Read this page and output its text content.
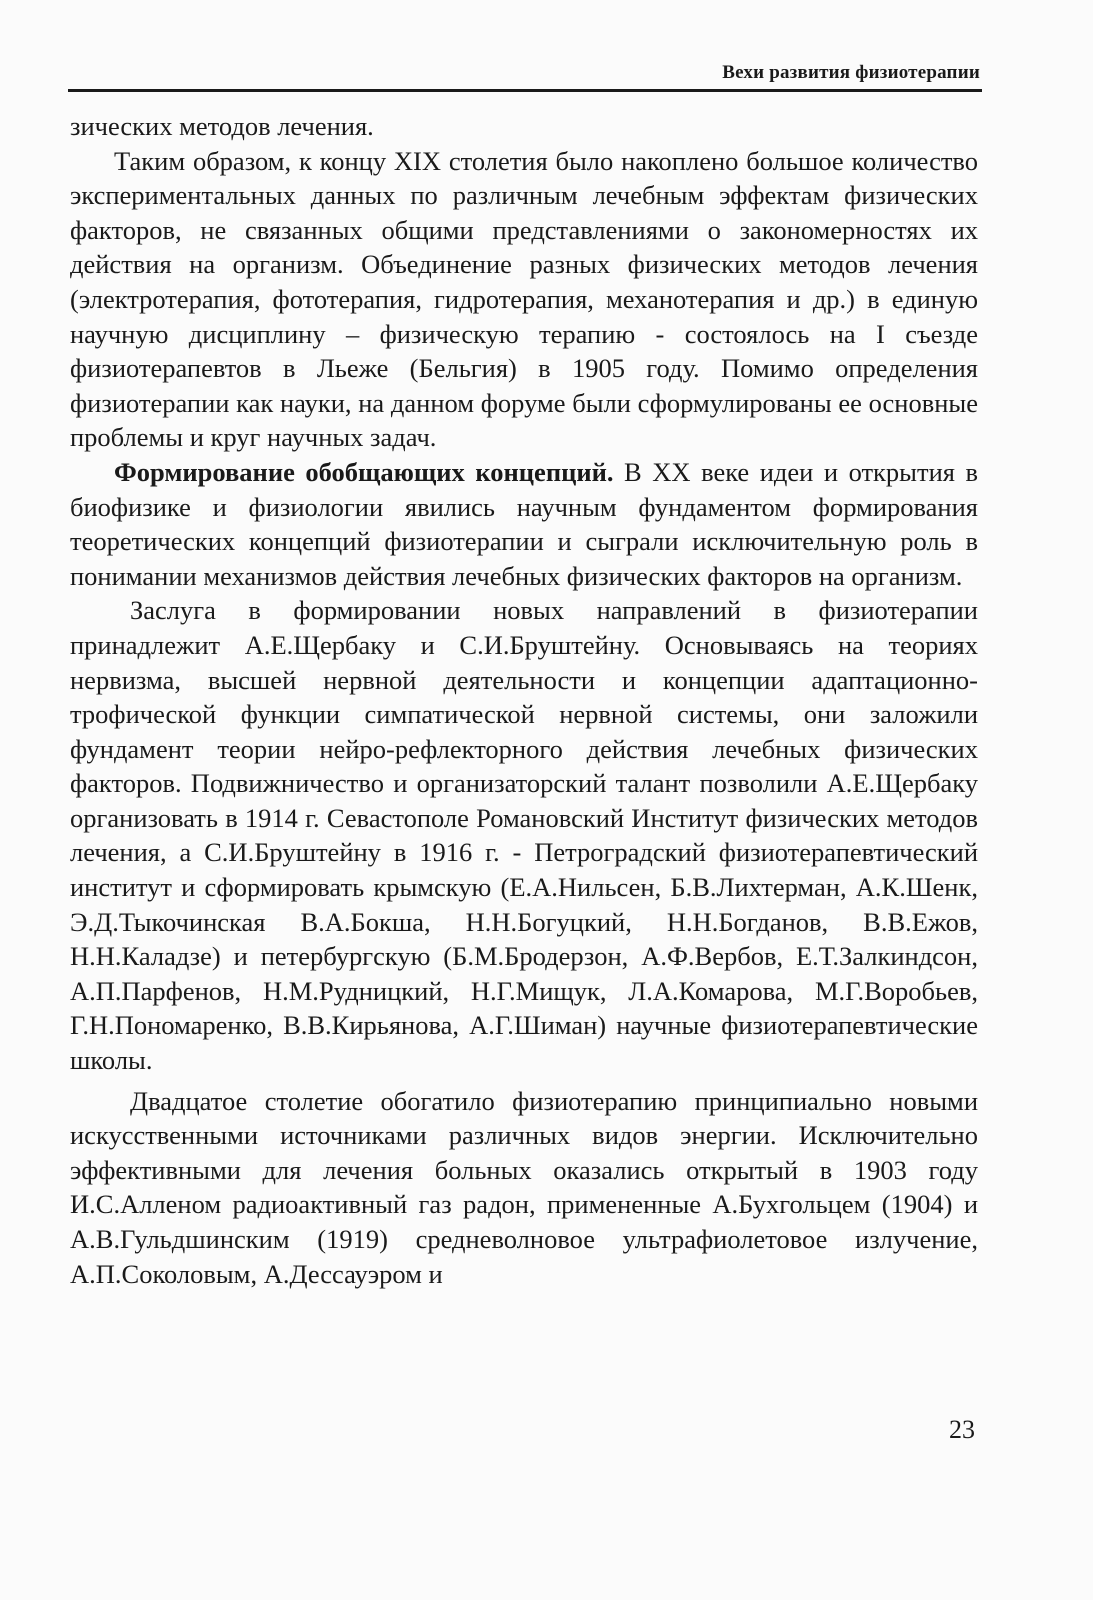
Вехи развития физиотерапии

зических методов лечения.

Таким образом, к концу XIX столетия было накоплено большое количество экспериментальных данных по различным лечебным эффектам физических факторов, не связанных общими представлениями о закономерностях их действия на организм. Объединение разных физических методов лечения (электротерапия, фототерапия, гидротерапия, механотерапия и др.) в единую научную дисциплину – физическую терапию - состоялось на I съезде физиотерапевтов в Льеже (Бельгия) в 1905 году. Помимо определения физиотерапии как науки, на данном форуме были сформулированы ее основные проблемы и круг научных задач.

Формирование обобщающих концепций. В XX веке идеи и открытия в биофизике и физиологии явились научным фундаментом формирования теоретических концепций физиотерапии и сыграли исключительную роль в понимании механизмов действия лечебных физических факторов на организм.

Заслуга в формировании новых направлений в физиотерапии принадлежит А.Е.Щербаку и С.И.Бруштейну. Основываясь на теориях нервизма, высшей нервной деятельности и концепции адаптационно-трофической функции симпатической нервной системы, они заложили фундамент теории нейро-рефлекторного действия лечебных физических факторов. Подвижничество и организаторский талант позволили А.Е.Щербаку организовать в 1914 г. Севастополе Романовский Институт физических методов лечения, а С.И.Бруштейну в 1916 г. - Петроградский физиотерапевтический институт и сформировать крымскую (Е.А.Нильсен, Б.В.Лихтерман, А.К.Шенк, Э.Д.Тыкочинская В.А.Бокша, Н.Н.Богуцкий, Н.Н.Богданов, В.В.Ежов, Н.Н.Каладзе) и петербургскую (Б.М.Бродерзон, А.Ф.Вербов, Е.Т.Залкиндсон, А.П.Парфенов, Н.М.Рудницкий, Н.Г.Мищук, Л.А.Комарова, М.Г.Воробьев, Г.Н.Пономаренко, В.В.Кирьянова, А.Г.Шиман) научные физиотерапевтические школы.

Двадцатое столетие обогатило физиотерапию принципиально новыми искусственными источниками различных видов энергии. Исключительно эффективными для лечения больных оказались открытый в 1903 году И.С.Алленом радиоактивный газ радон, примененные А.Бухгольцем (1904) и А.В.Гульдшинским (1919) средневолновое ультрафиолетовое излучение, А.П.Соколовым, А.Дессауэром и

23
